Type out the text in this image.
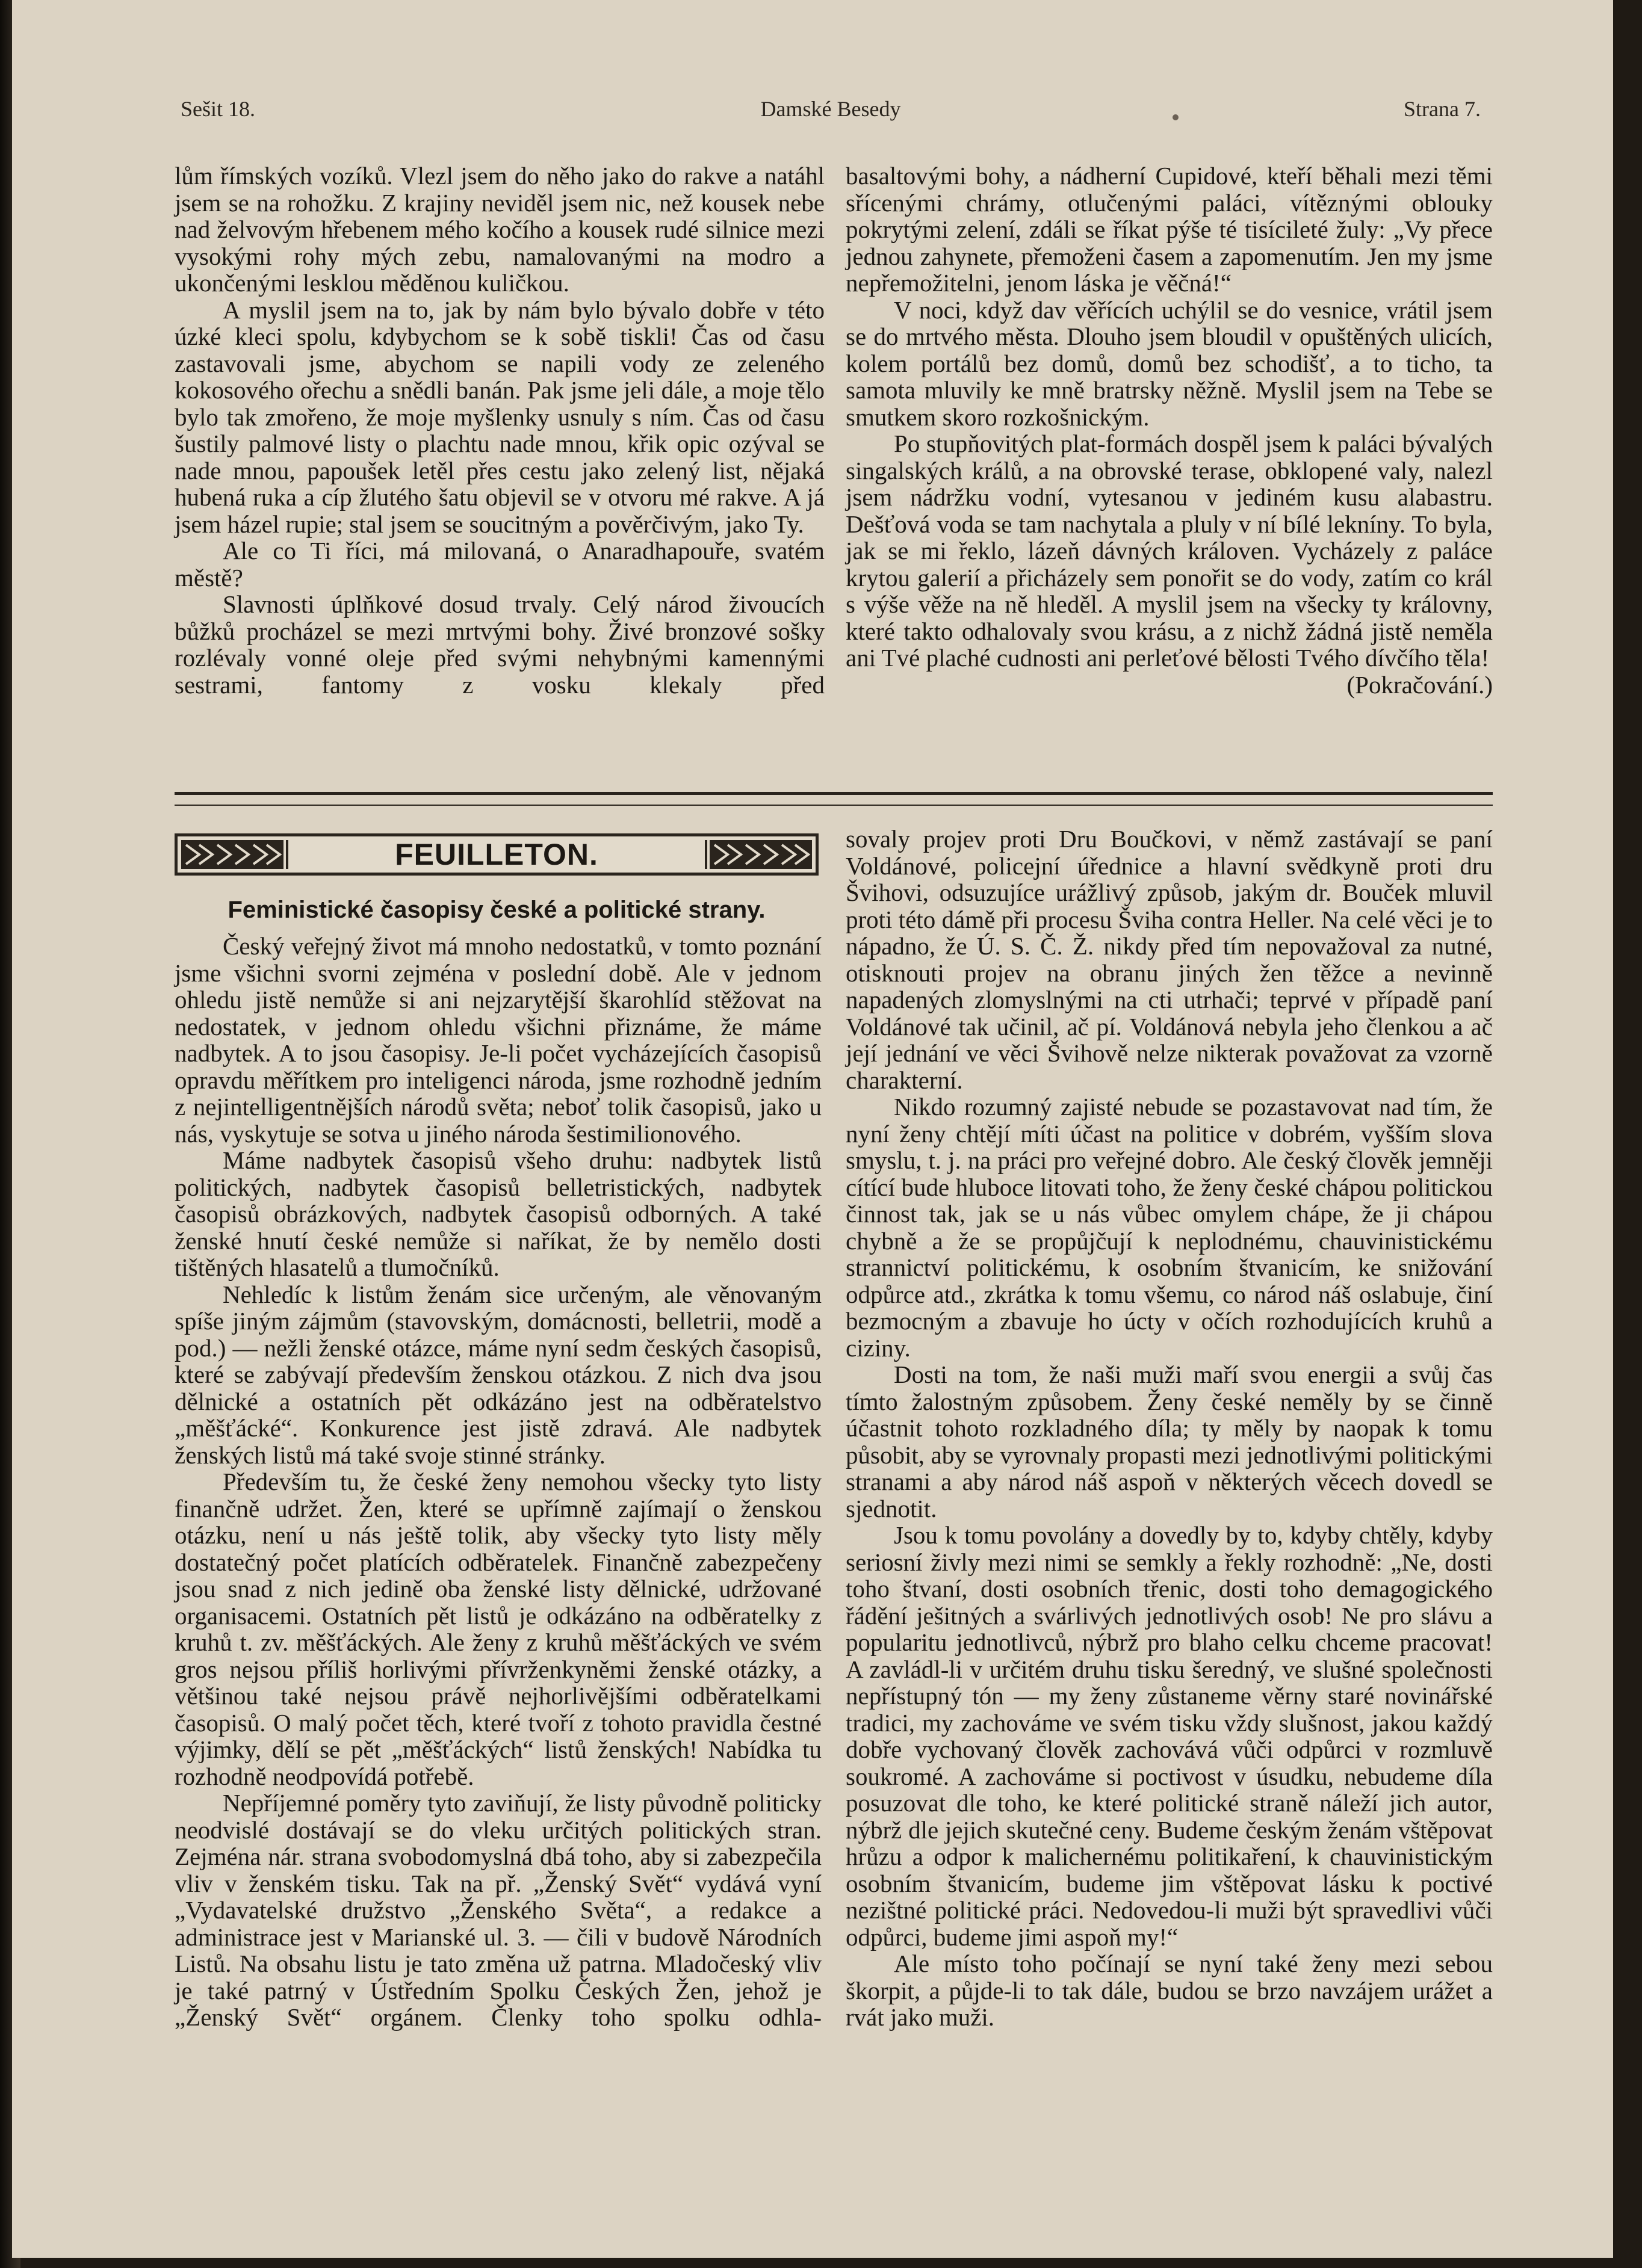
Sešit 18.	Damské Besedy	Strana 7.

lům římských vozíků. Vlezl jsem do něho jako do rakve a natáhl jsem se na rohožku. Z krajiny neviděl jsem nic, než kousek nebe nad želvovým hřebenem mého kočího a kousek rudé silnice mezi vysokými rohy mých zebu, namalovanými na modro a ukončenými lesklou měděnou kuličkou.

A myslil jsem na to, jak by nám bylo bývalo dobře v této úzké kleci spolu, kdybychom se k sobě tiskli! Čas od času zastavovali jsme, abychom se napili vody ze zeleného kokosového ořechu a snědli banán. Pak jsme jeli dále, a moje tělo bylo tak zmořeno, že moje myšlenky usnuly s ním. Čas od času šustily palmové listy o plachtu nade mnou, křik opic ozýval se nade mnou, papoušek letěl přes cestu jako zelený list, nějaká hubená ruka a cíp žlutého šatu objevil se v otvoru mé rakve. A já jsem házel rupie; stal jsem se soucitným a pověrčivým, jako Ty.

Ale co Ti říci, má milovaná, o Anaradhapouře, svatém městě?

Slavnosti úplňkové dosud trvaly. Celý národ živoucích bůžků procházel se mezi mrtvými bohy. Živé bronzové sošky rozlévaly vonné oleje před svými nehybnými kamennými sestrami, fantomy z vosku klekaly před

basaltovými bohy, a nádherní Cupidové, kteří běhali mezi těmi sřícenými chrámy, otlučenými paláci, vítěznými oblouky pokrytými zelení, zdáli se říkat pýše té tisícileté žuly: „Vy přece jednou zahynete, přemoženi časem a zapomenutím. Jen my jsme nepřemožitelni, jenom láska je věčná!“

V noci, když dav věřících uchýlil se do vesnice, vrátil jsem se do mrtvého města. Dlouho jsem bloudil v opuštěných ulicích, kolem portálů bez domů, domů bez schodišť, a to ticho, ta samota mluvily ke mně bratrsky něžně. Myslil jsem na Tebe se smutkem skoro rozkošnickým.

Po stupňovitých plat-formách dospěl jsem k paláci bývalých singalských králů, a na obrovské terase, obklopené valy, nalezl jsem nádržku vodní, vytesanou v jediném kusu alabastru. Dešťová voda se tam nachytala a pluly v ní bílé lekníny. To byla, jak se mi řeklo, lázeň dávných královen. Vycházely z paláce krytou galerií a přicházely sem ponořit se do vody, zatím co král s výše věže na ně hleděl. A myslil jsem na všecky ty královny, které takto odhalovaly svou krásu, a z nichž žádná jistě neměla ani Tvé plaché cudnosti ani perleťové bělosti Tvého dívčího těla!

(Pokračování.)

FEUILLETON.
Feministické časopisy české a politické strany.

Český veřejný život má mnoho nedostatků, v tomto poznání jsme všichni svorni zejména v poslední době. Ale v jednom ohledu jistě nemůže si ani nejzarytější škarohlíd stěžovat na nedostatek, v jednom ohledu všichni přiznáme, že máme nadbytek. A to jsou časopisy. Je-li počet vycházejících časopisů opravdu měřítkem pro inteligenci národa, jsme rozhodně jedním z nejintelligentnějších národů světa; neboť tolik časopisů, jako u nás, vyskytuje se sotva u jiného národa šestimilionového.

Máme nadbytek časopisů všeho druhu: nadbytek listů politických, nadbytek časopisů belletristických, nadbytek časopisů obrázkových, nadbytek časopisů odborných. A také ženské hnutí české nemůže si naříkat, že by nemělo dosti tištěných hlasatelů a tlumočníků.

Nehledíc k listům ženám sice určeným, ale věnovaným spíše jiným zájmům (stavovským, domácnosti, belletrii, modě a pod.) — nežli ženské otázce, máme nyní sedm českých časopisů, které se zabývají především ženskou otázkou. Z nich dva jsou dělnické a ostatních pět odkázáno jest na odběratelstvo „měšťácké“. Konkurence jest jistě zdravá. Ale nadbytek ženských listů má také svoje stinné stránky.

Především tu, že české ženy nemohou všecky tyto listy finančně udržet. Žen, které se upřímně zajímají o ženskou otázku, není u nás ještě tolik, aby všecky tyto listy měly dostatečný počet platících odběratelek. Finančně zabezpečeny jsou snad z nich jedině oba ženské listy dělnické, udržované organisacemi. Ostatních pět listů je odkázáno na odběratelky z kruhů t. zv. měšťáckých. Ale ženy z kruhů měšťáckých ve svém gros nejsou příliš horlivými přívrženkyněmi ženské otázky, a většinou také nejsou právě nejhorlivějšími odběratelkami časopisů. O malý počet těch, které tvoří z tohoto pravidla čestné výjimky, dělí se pět „měšťáckých“ listů ženských! Nabídka tu rozhodně neodpovídá potřebě.

Nepříjemné poměry tyto zaviňují, že listy původně politicky neodvislé dostávají se do vleku určitých politických stran. Zejména nár. strana svobodomyslná dbá toho, aby si zabezpečila vliv v ženském tisku. Tak na př. „Ženský Svět“ vydává vyní „Vydavatelské družstvo „Ženského Světa“, a redakce a administrace jest v Marianské ul. 3. — čili v budově Národních Listů. Na obsahu listu je tato změna už patrna. Mladočeský vliv je také patrný v Ústředním Spolku Českých Žen, jehož je „Ženský Svět“ orgánem. Členky toho spolku odhla-

sovaly projev proti Dru Boučkovi, v němž zastávají se paní Voldánové, policejní úřednice a hlavní svědkyně proti dru Švihovi, odsuzujíce urážlivý způsob, jakým dr. Bouček mluvil proti této dámě při procesu Šviha contra Heller. Na celé věci je to nápadno, že Ú. S. Č. Ž. nikdy před tím nepovažoval za nutné, otisknouti projev na obranu jiných žen těžce a nevinně napadených zlomyslnými na cti utrhači; teprvé v případě paní Voldánové tak učinil, ač pí. Voldánová nebyla jeho členkou a ač její jednání ve věci Švihově nelze nikterak považovat za vzorně charakterní.

Nikdo rozumný zajisté nebude se pozastavovat nad tím, že nyní ženy chtějí míti účast na politice v dobrém, vyšším slova smyslu, t. j. na práci pro veřejné dobro. Ale český člověk jemněji cítící bude hluboce litovati toho, že ženy české chápou politickou činnost tak, jak se u nás vůbec omylem chápe, že ji chápou chybně a že se propůjčují k neplodnému, chauvinistickému strannictví politickému, k osobním štvanicím, ke snižování odpůrce atd., zkrátka k tomu všemu, co národ náš oslabuje, činí bezmocným a zbavuje ho úcty v očích rozhodujících kruhů a ciziny.

Dosti na tom, že naši muži maří svou energii a svůj čas tímto žalostným způsobem. Ženy české neměly by se činně účastnit tohoto rozkladného díla; ty měly by naopak k tomu působit, aby se vyrovnaly propasti mezi jednotlivými politickými stranami a aby národ náš aspoň v některých věcech dovedl se sjednotit.

Jsou k tomu povolány a dovedly by to, kdyby chtěly, kdyby seriosní živly mezi nimi se semkly a řekly rozhodně: „Ne, dosti toho štvaní, dosti osobních třenic, dosti toho demagogického řádění ješitných a svárlivých jednotlivých osob! Ne pro slávu a popularitu jednotlivců, nýbrž pro blaho celku chceme pracovat! A zavládl-li v určitém druhu tisku šeredný, ve slušné společnosti nepřístupný tón — my ženy zůstaneme věrny staré novinářské tradici, my zachováme ve svém tisku vždy slušnost, jakou každý dobře vychovaný člověk zachovává vůči odpůrci v rozmluvě soukromé. A zachováme si poctivost v úsudku, nebudeme díla posuzovat dle toho, ke které politické straně náleží jich autor, nýbrž dle jejich skutečné ceny. Budeme českým ženám vštěpovat hrůzu a odpor k malichernému politikaření, k chauvinistickým osobním štvanicím, budeme jim vštěpovat lásku k poctivé nezištné politické práci. Nedovedou-li muži být spravedlivi vůči odpůrci, budeme jimi aspoň my!“

Ale místo toho počínají se nyní také ženy mezi sebou škorpit, a půjde-li to tak dále, budou se brzo navzájem urážet a rvát jako muži.
